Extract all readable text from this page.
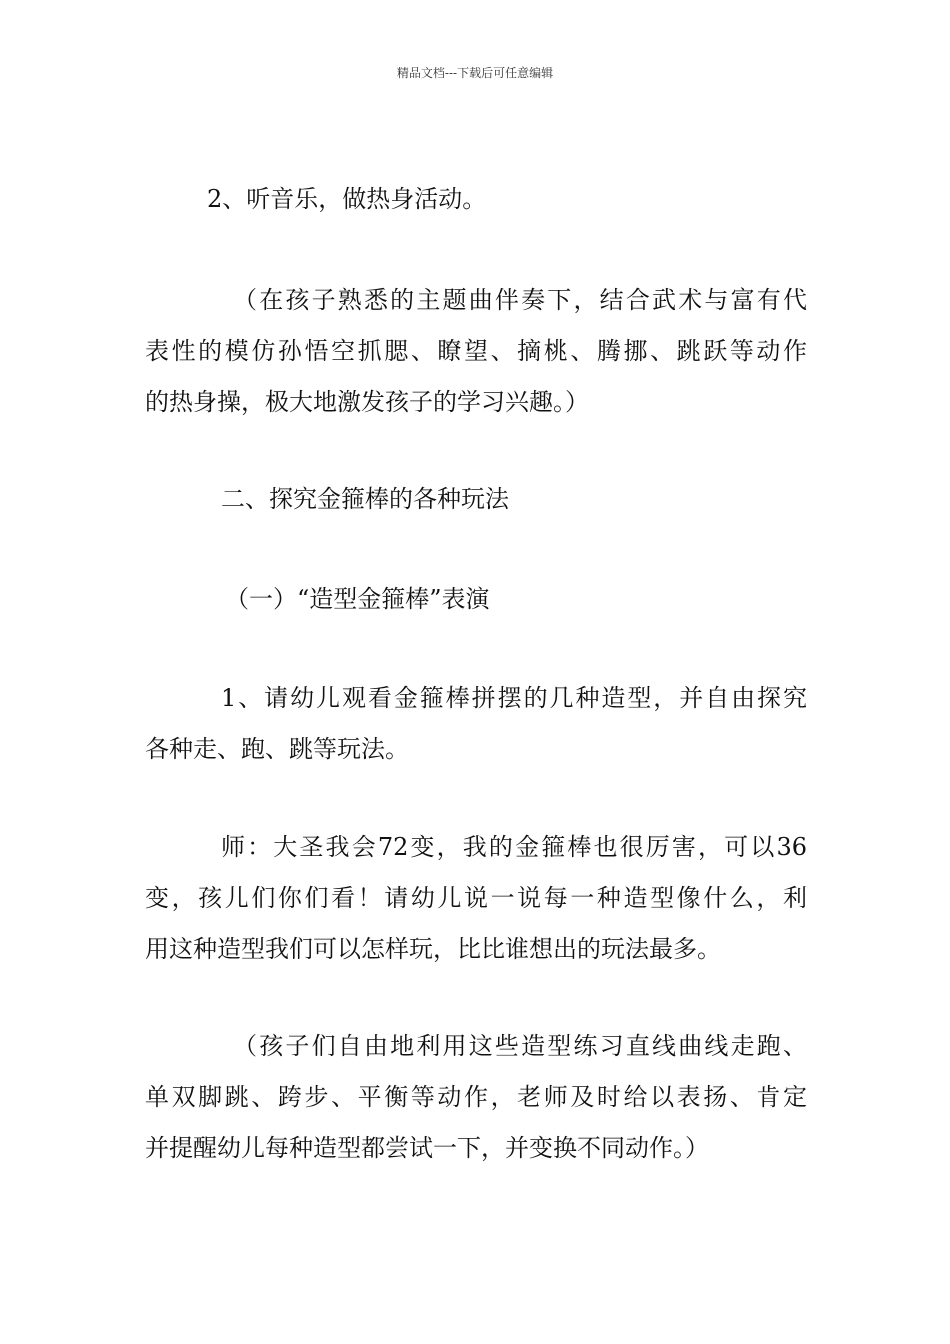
精品文档---下载后可任意编辑
2、听音乐，做热身活动。
（在孩子熟悉的主题曲伴奏下，结合武术与富有代
表性的模仿孙悟空抓腮、瞭望、摘桃、腾挪、跳跃等动作
的热身操，极大地激发孩子的学习兴趣。）
二、探究金箍棒的各种玩法
（一）“造型金箍棒”表演
1、请幼儿观看金箍棒拼摆的几种造型，并自由探究
各种走、跑、跳等玩法。
师：大圣我会72变，我的金箍棒也很厉害，可以36
变，孩儿们你们看！请幼儿说一说每一种造型像什么，利
用这种造型我们可以怎样玩，比比谁想出的玩法最多。
（孩子们自由地利用这些造型练习直线曲线走跑、
单双脚跳、跨步、平衡等动作，老师及时给以表扬、肯定
并提醒幼儿每种造型都尝试一下，并变换不同动作。）
